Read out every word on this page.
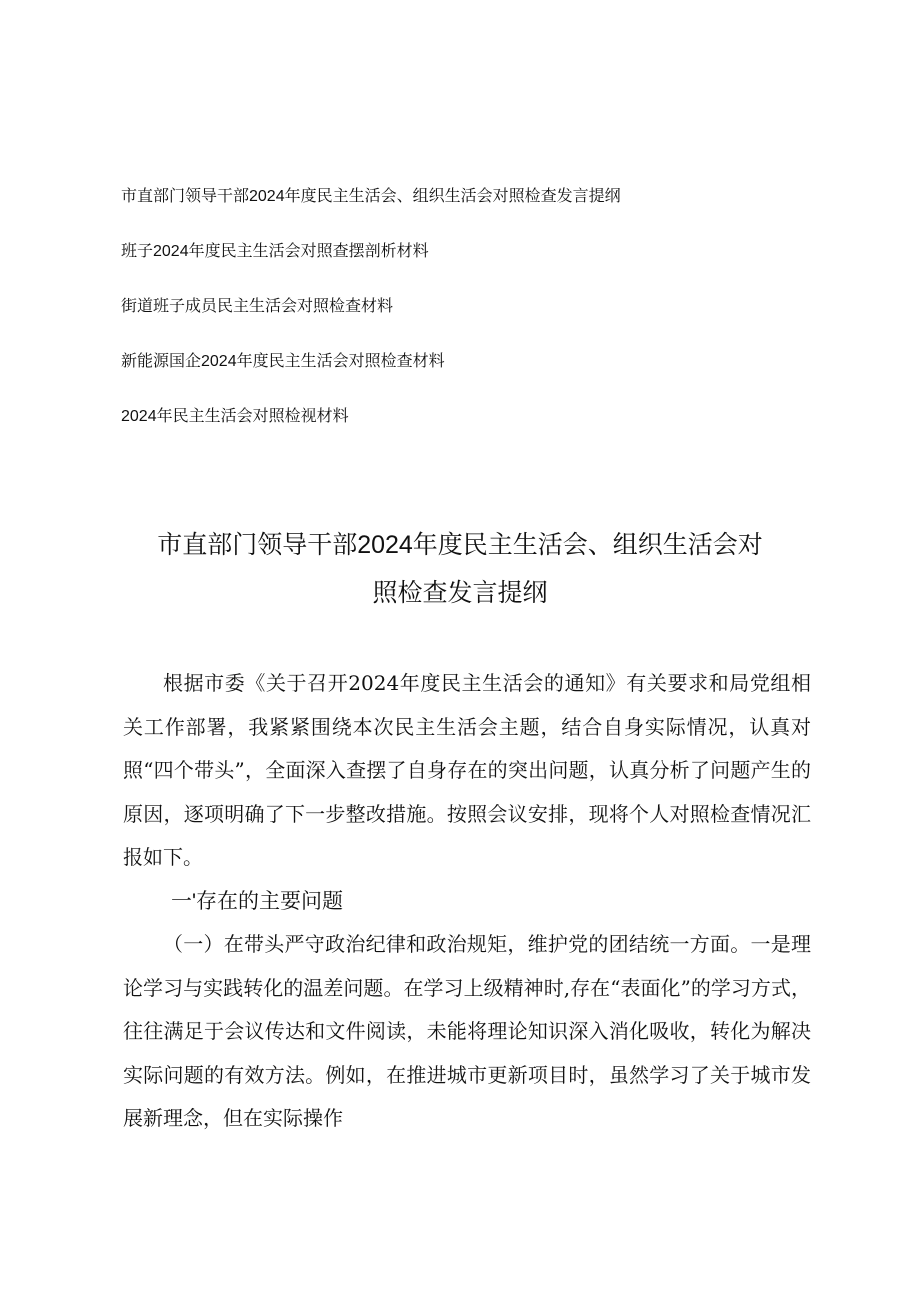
市直部门领导干部2024年度民主生活会、组织生活会对照检查发言提纲
班子2024年度民主生活会对照查摆剖析材料
街道班子成员民主生活会对照检查材料
新能源国企2024年度民主生活会对照检查材料
2024年民主生活会对照检视材料
市直部门领导干部2024年度民主生活会、组织生活会对
照检查发言提纲

根据市委《关于召开2024年度民主生活会的通知》有关要求和局党组相关工作部署，我紧紧围绕本次民主生活会主题，结合自身实际情况，认真对照“四个带头”，全面深入查摆了自身存在的突出问题，认真分析了问题产生的原因，逐项明确了下一步整改措施。按照会议安排，现将个人对照检查情况汇报如下。

一'存在的主要问题

（一）在带头严守政治纪律和政治规矩，维护党的团结统一方面。一是理论学习与实践转化的温差问题。在学习上级精神时,存在“表面化”的学习方式，往往满足于会议传达和文件阅读，未能将理论知识深入消化吸收，转化为解决实际问题的有效方法。例如，在推进城市更新项目时，虽然学习了关于城市发展新理念，但在实际操作
